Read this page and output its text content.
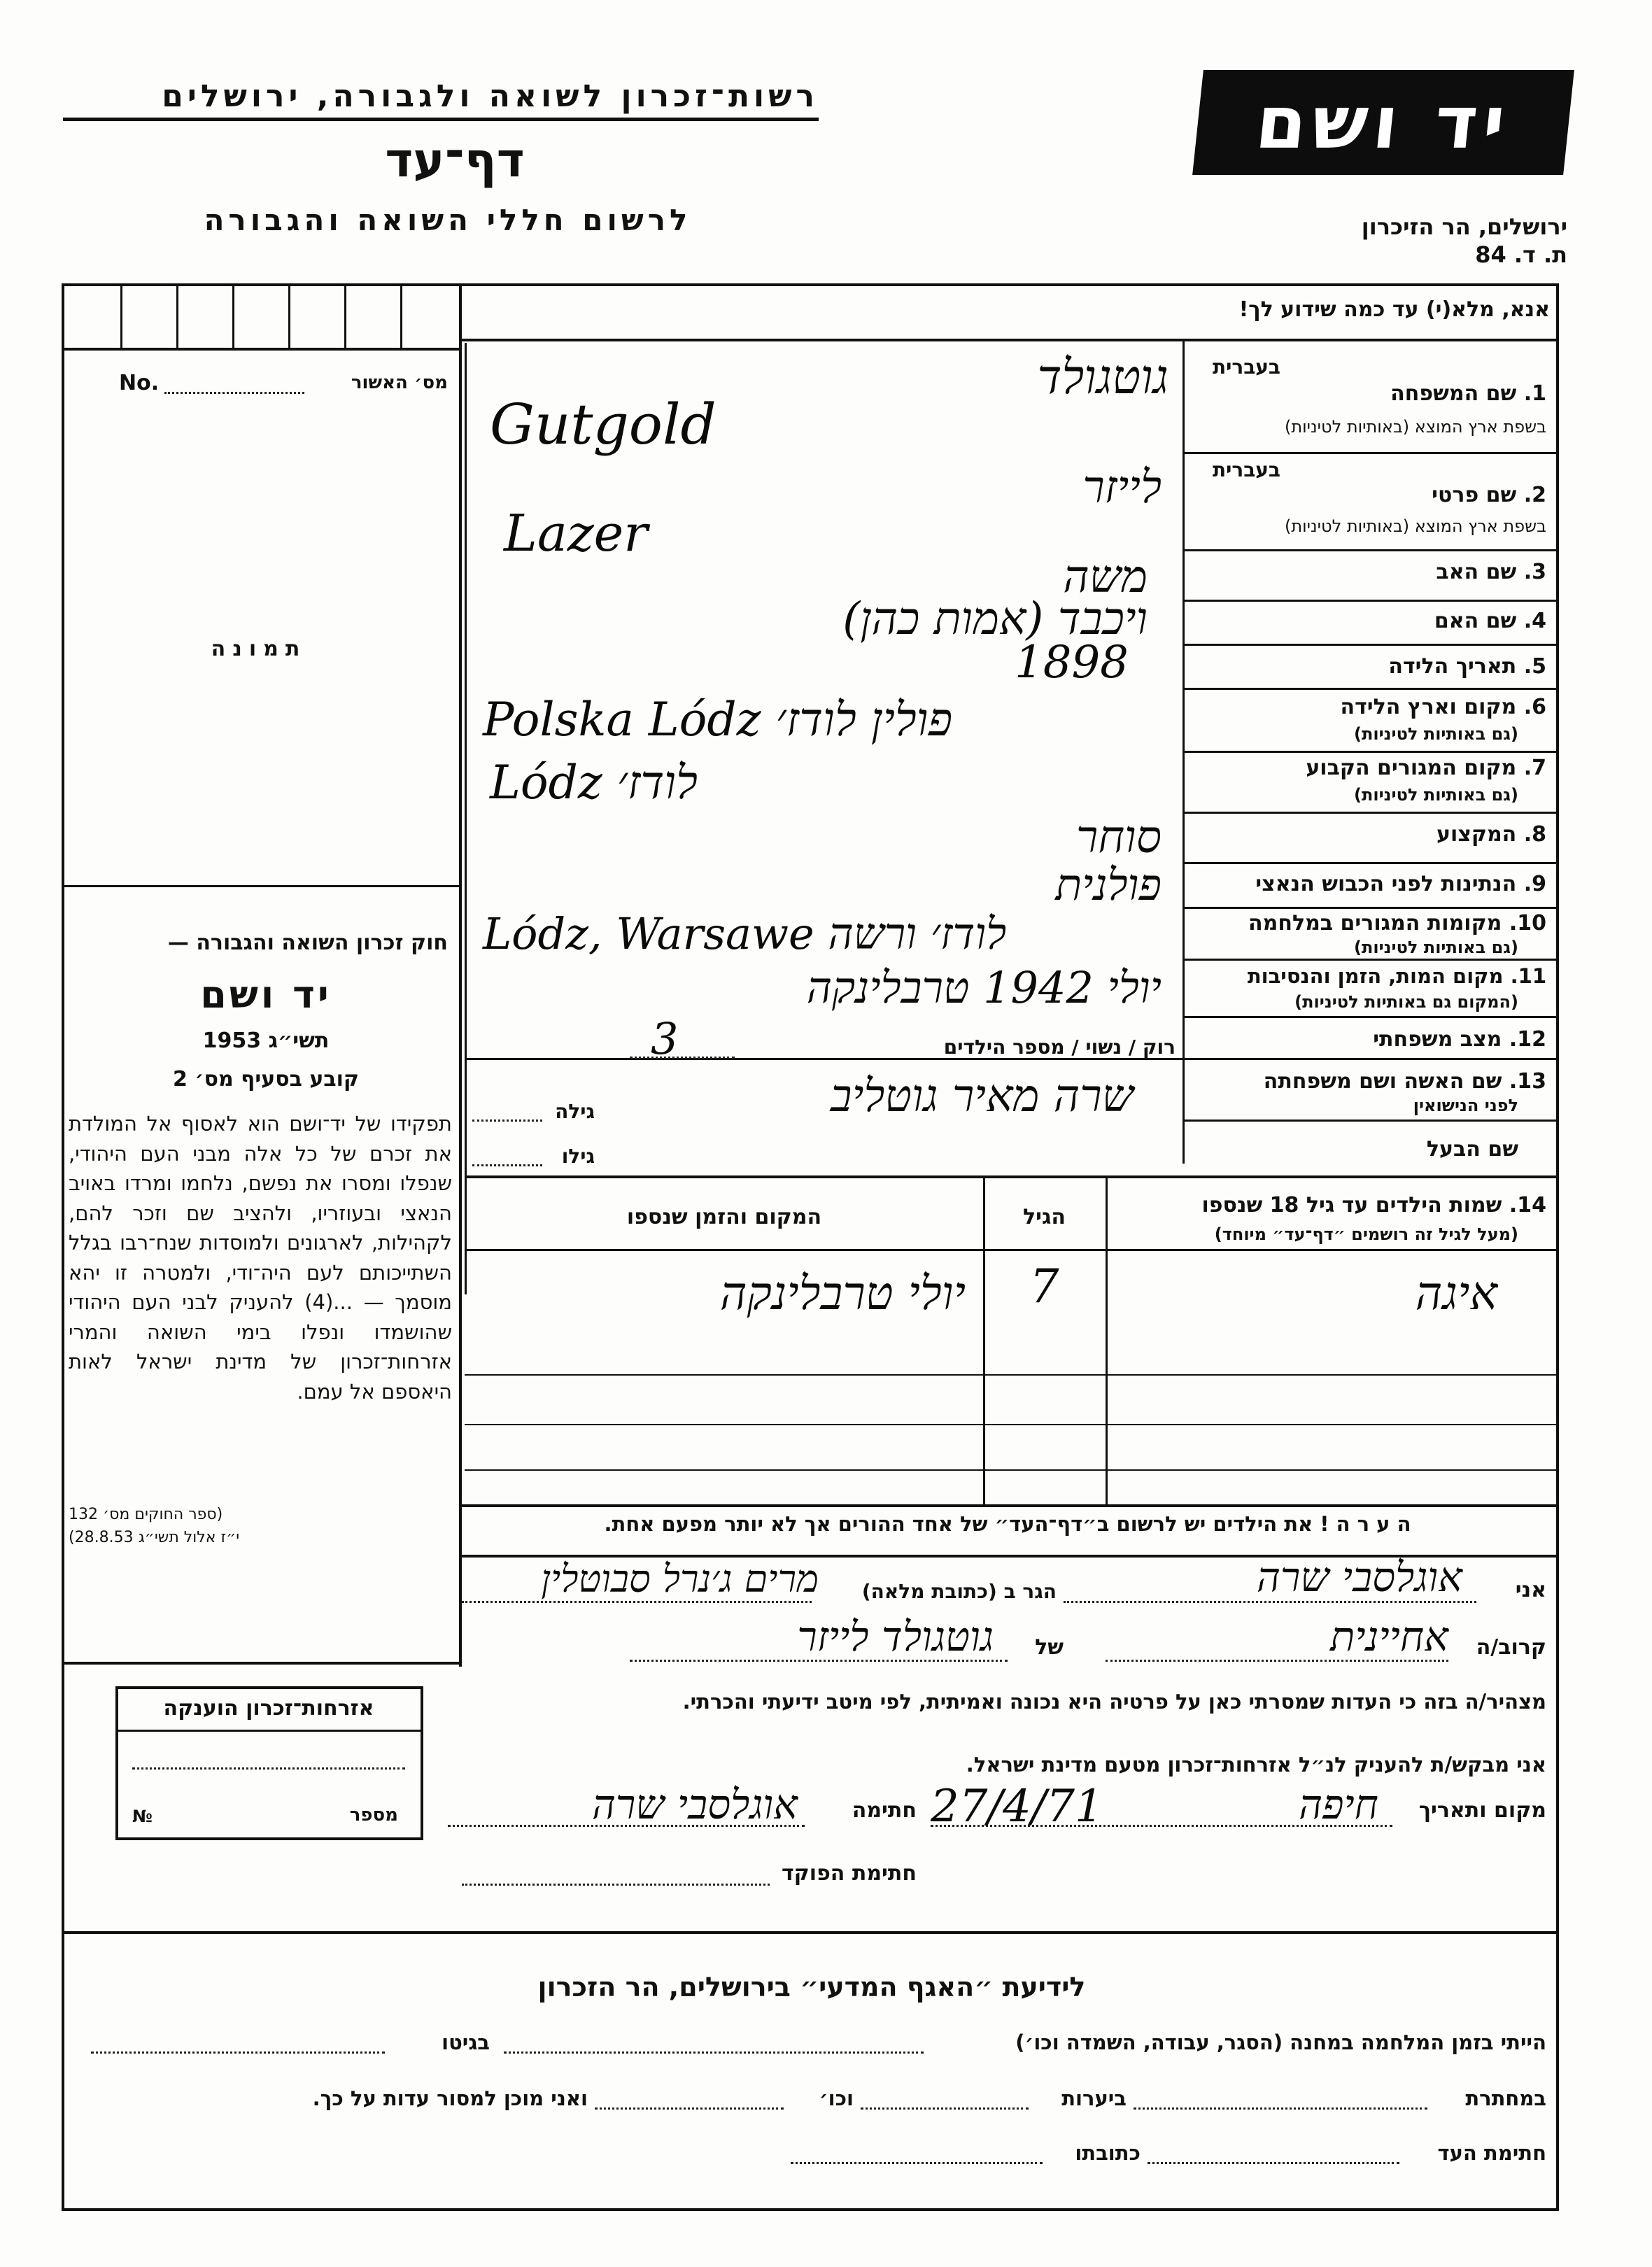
רשות־זכרון לשואה ולגבורה, ירושלים
דף־עד
לרשום חללי השואה והגבורה
יד ושם
ירושלים, הר הזיכרון
ת. ד. 84
No.	מס׳ האשור
תמונה
חוק זכרון השואה והגבורה —
יד ושם
תשי״ג 1953
קובע בסעיף מס׳ 2
תפקידו של יד־ושם הוא לאסוף אל המולדת את זכרם של כל אלה מבני העם היהודי, שנפלו ומסרו את נפשם, נלחמו ומרדו באויב הנאצי ובעוזריו, ולהציב שם וזכר להם, לקהילות, לארגונים ולמוסדות שנח־רבו בגלל השתייכותם לעם היה־ודי, ולמטרה זו יהא מוסמך — ...(4) להעניק לבני העם היהודי שהושמדו ונפלו בימי השואה והמרי אזרחות־זכרון של מדינת ישראל לאות היאספם אל עמם.
(ספר החוקים מס׳ 132
י״ז אלול תשי״ג 28.8.53)
אנא, מלא(י) עד כמה שידוע לך!
בעברית
1. שם המשפחה
בשפת ארץ המוצא (באותיות לטיניות)
גוטגולד
Gutgold
בעברית
2. שם פרטי
בשפת ארץ המוצא (באותיות לטיניות)
לייזר
Lazer
3. שם האב
משה
4. שם האם
ויכבד (אמות כהן)
5. תאריך הלידה
1898
6. מקום וארץ הלידה
(גם באותיות לטיניות)
Polska Lódz פולין לודז׳
7. מקום המגורים הקבוע
(גם באותיות לטיניות)
Lódz לודז׳
8. המקצוע
סוחר
9. הנתינות לפני הכבוש הנאצי
פולנית
10. מקומות המגורים במלחמה
(גם באותיות לטיניות)
Lódz, Warsawe לודז׳ ורשה
11. מקום המות, הזמן והנסיבות
(המקום גם באותיות לטיניות)
יולי 1942 טרבלינקה
12. מצב משפחתי
רוק / נשוי / מספר הילדים
3
13. שם האשה ושם משפחתה
לפני הנישואין
גילה	שרה מאיר גוטליב
שם הבעל
גילו
14. שמות הילדים עד גיל 18 שנספו
(מעל לגיל זה רושמים ״דף־עד״ מיוחד)
הגיל
המקום והזמן שנספו
איגה
7
יולי טרבלינקה
ה ע ר ה ! את הילדים יש לרשום ב״דף־העד״ של אחד ההורים אך לא יותר מפעם אחת.
אני
אוגלסבי שרה
הגר ב (כתובת מלאה)
מרים ג׳נרל סבוטלין
קרוב/ה
אחיינית
של
גוטגולד לייזר
מצהיר/ה בזה כי העדות שמסרתי כאן על פרטיה היא נכונה ואמיתית, לפי מיטב ידיעתי והכרתי.
אני מבקש/ת להעניק לנ״ל אזרחות־זכרון מטעם מדינת ישראל.
מקום ותאריך
חיפה
27/4/71
חתימה
אוגלסבי שרה
חתימת הפוקד
אזרחות־זכרון הוענקה
מספר
№
לידיעת ״האגף המדעי״ בירושלים, הר הזכרון
הייתי בזמן המלחמה במחנה (הסגר, עבודה, השמדה וכו׳)
בגיטו
במחתרת
ביערות
וכו׳
ואני מוכן למסור עדות על כך.
חתימת העד
כתובתו
